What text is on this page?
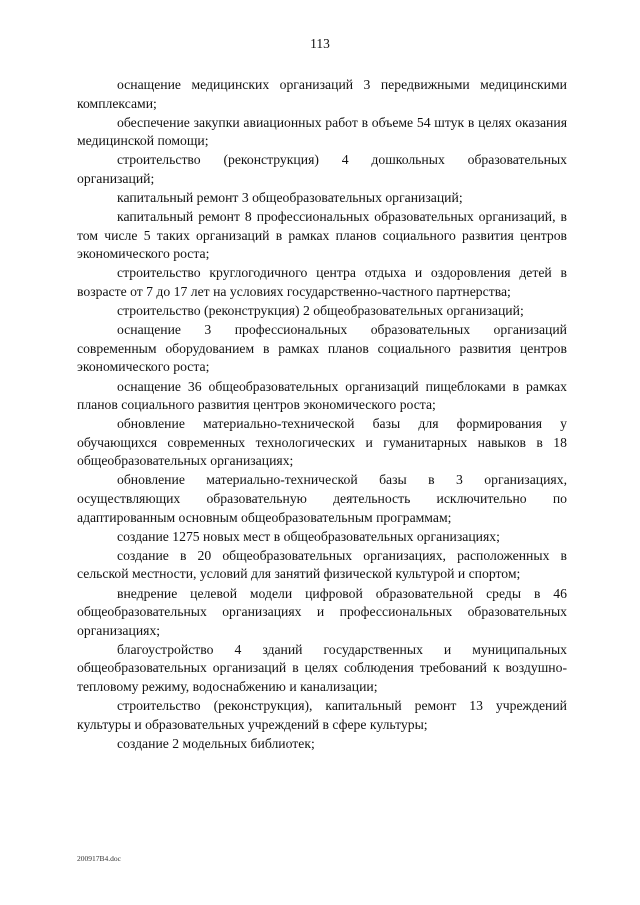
113

оснащение медицинских организаций 3 передвижными медицинскими комплексами;

обеспечение закупки авиационных работ в объеме 54 штук в целях оказания медицинской помощи;

строительство (реконструкция) 4 дошкольных образовательных организаций;

капитальный ремонт 3 общеобразовательных организаций;

капитальный ремонт 8 профессиональных образовательных организаций, в том числе 5 таких организаций в рамках планов социального развития центров экономического роста;

строительство круглогодичного центра отдыха и оздоровления детей в возрасте от 7 до 17 лет на условиях государственно-частного партнерства;

строительство (реконструкция) 2 общеобразовательных организаций;

оснащение 3 профессиональных образовательных организаций современным оборудованием в рамках планов социального развития центров экономического роста;

оснащение 36 общеобразовательных организаций пищеблоками в рамках планов социального развития центров экономического роста;

обновление материально-технической базы для формирования у обучающихся современных технологических и гуманитарных навыков в 18 общеобразовательных организациях;

обновление материально-технической базы в 3 организациях, осуществляющих образовательную деятельность исключительно по адаптированным основным общеобразовательным программам;

создание 1275 новых мест в общеобразовательных организациях;

создание в 20 общеобразовательных организациях, расположенных в сельской местности, условий для занятий физической культурой и спортом;

внедрение целевой модели цифровой образовательной среды в 46 общеобразовательных организациях и профессиональных образовательных организациях;

благоустройство 4 зданий государственных и муниципальных общеобразовательных организаций в целях соблюдения требований к воздушно-тепловому режиму, водоснабжению и канализации;

строительство (реконструкция), капитальный ремонт 13 учреждений культуры и образовательных учреждений в сфере культуры;

создание 2 модельных библиотек;

200917В4.doc
